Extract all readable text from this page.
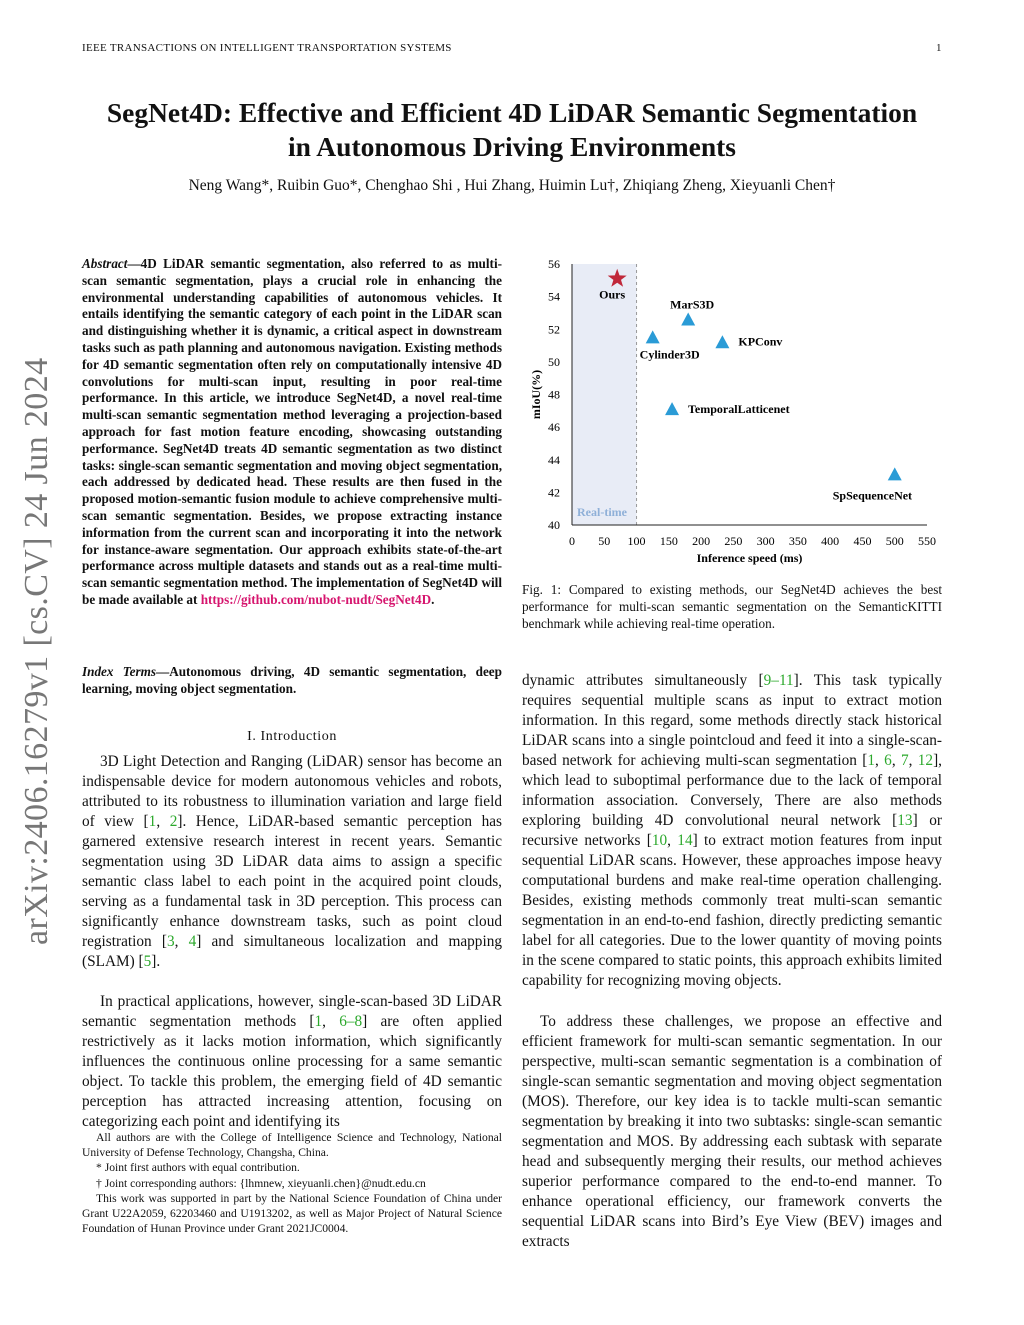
IEEE TRANSACTIONS ON INTELLIGENT TRANSPORTATION SYSTEMS	1
SegNet4D: Effective and Efficient 4D LiDAR Semantic Segmentation
in Autonomous Driving Environments
Neng Wang*, Ruibin Guo*, Chenghao Shi , Hui Zhang, Huimin Lu†, Zhiqiang Zheng, Xieyuanli Chen†
arXiv:2406.16279v1 [cs.CV] 24 Jun 2024
Abstract—4D LiDAR semantic segmentation, also referred to as multi-scan semantic segmentation, plays a crucial role in enhancing the environmental understanding capabilities of autonomous vehicles. It entails identifying the semantic category of each point in the LiDAR scan and distinguishing whether it is dynamic, a critical aspect in downstream tasks such as path planning and autonomous navigation. Existing methods for 4D semantic segmentation often rely on computationally intensive 4D convolutions for multi-scan input, resulting in poor real-time performance. In this article, we introduce SegNet4D, a novel real-time multi-scan semantic segmentation method leveraging a projection-based approach for fast motion feature encoding, showcasing outstanding performance. SegNet4D treats 4D semantic segmentation as two distinct tasks: single-scan semantic segmentation and moving object segmentation, each addressed by dedicated head. These results are then fused in the proposed motion-semantic fusion module to achieve comprehensive multi-scan semantic segmentation. Besides, we propose extracting instance information from the current scan and incorporating it into the network for instance-aware segmentation. Our approach exhibits state-of-the-art performance across multiple datasets and stands out as a real-time multi-scan semantic segmentation method. The implementation of SegNet4D will be made available at https://github.com/nubot-nudt/SegNet4D.
Index Terms—Autonomous driving, 4D semantic segmentation, deep learning, moving object segmentation.
I. Introduction

3D Light Detection and Ranging (LiDAR) sensor has become an indispensable device for modern autonomous vehicles and robots, attributed to its robustness to illumination variation and large field of view [1, 2]. Hence, LiDAR-based semantic perception has garnered extensive research interest in recent years. Semantic segmentation using 3D LiDAR data aims to assign a specific semantic class label to each point in the acquired point clouds, serving as a fundamental task in 3D perception. This process can significantly enhance downstream tasks, such as point cloud registration [3, 4] and simultaneous localization and mapping (SLAM) [5].

In practical applications, however, single-scan-based 3D LiDAR semantic segmentation methods [1, 6–8] are often applied restrictively as it lacks motion information, which significantly influences the continuous online processing for a same semantic object. To tackle this problem, the emerging field of 4D semantic perception has attracted increasing attention, focusing on categorizing each point and identifying its

All authors are with the College of Intelligence Science and Technology, National University of Defense Technology, Changsha, China.

* Joint first authors with equal contribution.

† Joint corresponding authors: {lhmnew, xieyuanli.chen}@nudt.edu.cn

This work was supported in part by the National Science Foundation of China under Grant U22A2059, 62203460 and U1913202, as well as Major Project of Natural Science Foundation of Hunan Province under Grant 2021JC0004.

Real-time
40
42
44
46
48
50
52
54
56
0 50 100 150 200 250 300 350 400 450 500 550
Ours
MarS3D
Cylinder3D
KPConv
TemporalLatticenet
SpSequenceNet
Inference speed (ms)
mIoU(%)
Fig. 1: Compared to existing methods, our SegNet4D achieves the best performance for multi-scan semantic segmentation on the SemanticKITTI benchmark while achieving real-time operation.

dynamic attributes simultaneously [9–11]. This task typically requires sequential multiple scans as input to extract motion information. In this regard, some methods directly stack historical LiDAR scans into a single pointcloud and feed it into a single-scan-based network for achieving multi-scan segmentation [1, 6, 7, 12], which lead to suboptimal performance due to the lack of temporal information association. Conversely, There are also methods exploring building 4D convolutional neural network [13] or recursive networks [10, 14] to extract motion features from input sequential LiDAR scans. However, these approaches impose heavy computational burdens and make real-time operation challenging. Besides, existing methods commonly treat multi-scan semantic segmentation in an end-to-end fashion, directly predicting semantic label for all categories. Due to the lower quantity of moving points in the scene compared to static points, this approach exhibits limited capability for recognizing moving objects.

To address these challenges, we propose an effective and efficient framework for multi-scan semantic segmentation. In our perspective, multi-scan semantic segmentation is a combination of single-scan semantic segmentation and moving object segmentation (MOS). Therefore, our key idea is to tackle multi-scan semantic segmentation by breaking it into two subtasks: single-scan semantic segmentation and MOS. By addressing each subtask with separate head and subsequently merging their results, our method achieves superior performance compared to the end-to-end manner. To enhance operational efficiency, our framework converts the sequential LiDAR scans into Bird’s Eye View (BEV) images and extracts
